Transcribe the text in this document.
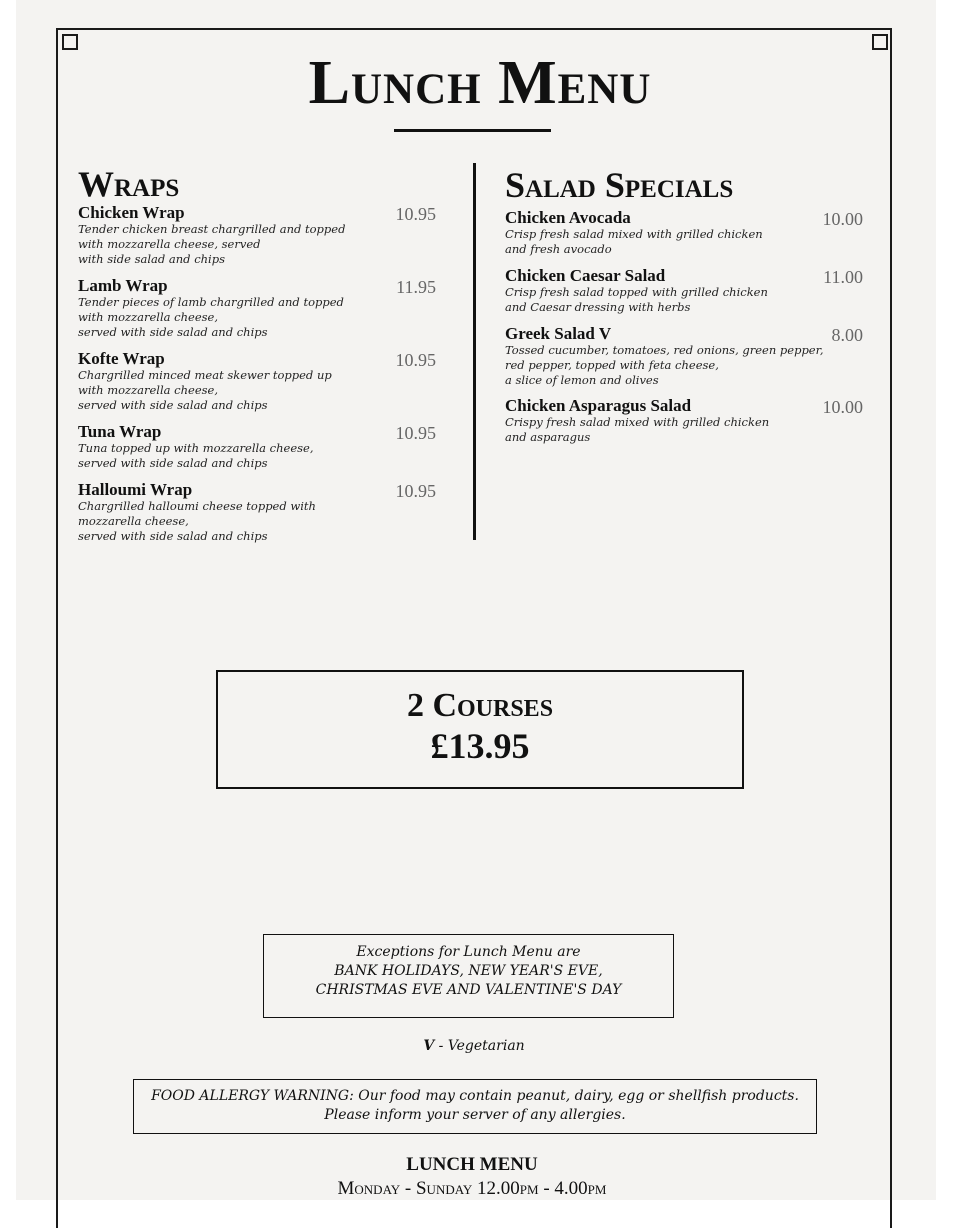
Lunch Menu
Wraps
Chicken Wrap
Tender chicken breast chargrilled and topped
with mozzarella cheese, served
with side salad and chips
10.95
Lamb Wrap
Tender pieces of lamb chargrilled and topped
with mozzarella cheese,
served with side salad and chips
11.95
Kofte Wrap
Chargrilled minced meat skewer topped up
with mozzarella cheese,
served with side salad and chips
10.95
Tuna Wrap
Tuna topped up with mozzarella cheese,
served with side salad and chips
10.95
Halloumi Wrap
Chargrilled halloumi cheese topped with
mozzarella cheese,
served with side salad and chips
10.95
Salad Specials
Chicken Avocada
Crisp fresh salad mixed with grilled chicken
and fresh avocado
10.00
Chicken Caesar Salad
Crisp fresh salad topped with grilled chicken
and Caesar dressing with herbs
11.00
Greek Salad V
Tossed cucumber, tomatoes, red onions, green pepper,
red pepper, topped with feta cheese,
a slice of lemon and olives
8.00
Chicken Asparagus Salad
Crispy fresh salad mixed with grilled chicken
and asparagus
10.00
2 Courses
£13.95
Exceptions for Lunch Menu are
BANK HOLIDAYS, NEW YEAR'S EVE,
CHRISTMAS EVE AND VALENTINE'S DAY
V - Vegetarian
FOOD ALLERGY WARNING: Our food may contain peanut, dairy, egg or shellfish products.
Please inform your server of any allergies.
LUNCH MENU
Monday - Sunday 12.00pm - 4.00pm
